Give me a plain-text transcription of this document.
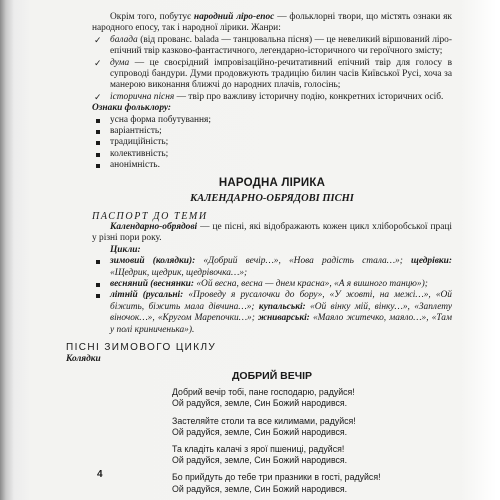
Окрім того, побутує народний ліро-епос — фольклорні твори, що містять ознаки як народного епосу, так і народної лірики. Жанри:

✓ балада (від прованс. balada — танцювальна пісня) — це невеликий віршований ліро-епічний твір казково-фантастичного, легендарно-історичного чи героїчного змісту;
✓ дума — це своєрідний імпровізаційно-речитативний епічний твір для голосу в супроводі бандури. Думи продовжують традицію билин часів Київської Русі, хоча за манерою виконання ближчі до народних плачів, голосінь;
✓ історична пісня — твір про важливу історичну подію, конкретних історичних осіб.

Ознаки фольклору:

усна форма побутування;
варіантність;
традиційність;
колективність;
анонімність.
НАРОДНА ЛІРИКА
КАЛЕНДАРНО-ОБРЯДОВІ ПІСНІ
ПАСПОРТ ДО ТЕМИ

Календарно-обрядові — це пісні, які відображають кожен цикл хліборобської праці у різні пори року.

Цикли:

зимовий (колядки): «Добрий вечір…», «Нова радість стала…»; щедрівки: «Щедрик, щедрик, щедрівочка…»;
весняний (веснянки: «Ой весна, весна — днем красна», «А я вишного танцю»);
літній (русальні: «Проведу я русалочки до бору», «У жовті, на межі…», «Ой біжить, біжить мала дівчина…»; купальські: «Ой вінку мій, вінку…», «Заплету віночок…», «Кругом Марenoчки…»; жниварські: «Маяло житечко, маяло…», «Там у полі криниченька»).
ПІСНІ ЗИМОВОГО ЦИКЛУ
Колядки
ДОБРИЙ ВЕЧІР
Добрий вечір тобі, пане господарю, радуйся!
Ой радуйся, земле, Син Божий народився.
Застеляйте столи та все килимами, радуйся!
Ой радуйся, земле, Син Божий народився.
Та кладіть калачі з ярої пшениці, радуйся!
Ой радуйся, земле, Син Божий народився.
Бо прийдуть до тебе три празники в гості, радуйся!
Ой радуйся, земле, Син Божий народився.
4
